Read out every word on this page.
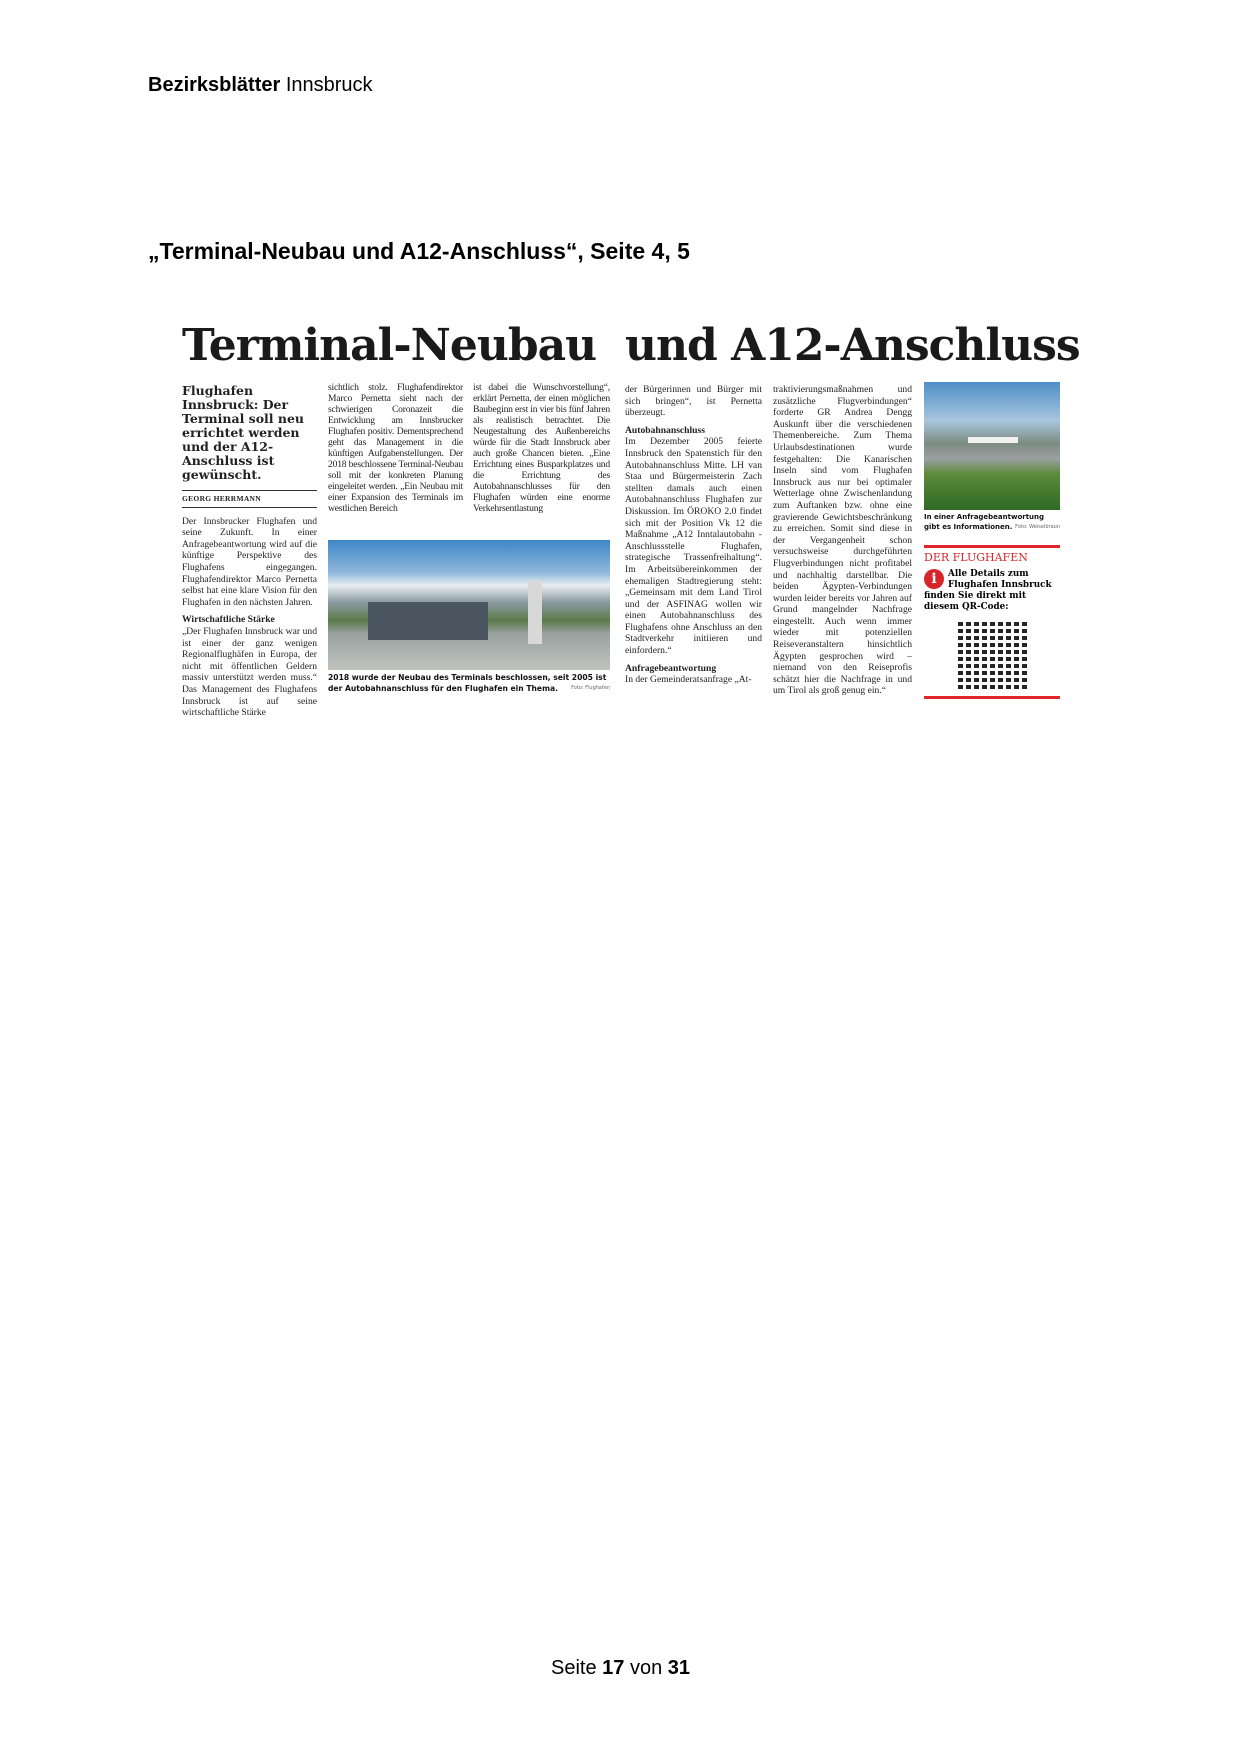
Bezirksblätter Innsbruck
„Terminal-Neubau und A12-Anschluss“, Seite 4, 5
Terminal-Neubau und A12-Anschluss
Flughafen Innsbruck: Der Terminal soll neu errichtet werden und der A12-Anschluss ist gewünscht.
GEORG HERRMANN

Der Innsbrucker Flughafen und seine Zukunft. In einer Anfragebeantwortung wird auf die künftige Perspektive des Flughafens eingegangen. Flughafendirektor Marco Pernetta selbst hat eine klare Vision für den Flughafen in den nächsten Jahren.

Wirtschaftliche Stärke

„Der Flughafen Innsbruck war und ist einer der ganz wenigen Regionalflughäfen in Europa, der nicht mit öffentlichen Geldern massiv unterstützt werden muss.“ Das Management des Flughafens Innsbruck ist auf seine wirtschaftliche Stärke

sichtlich stolz. Flughafendirektor Marco Pernetta sieht nach der schwierigen Coronazeit die Entwicklung am Innsbrucker Flughafen positiv. Dementsprechend geht das Management in die künftigen Aufgabenstellungen. Der 2018 beschlossene Terminal-Neubau soll mit der konkreten Planung eingeleitet werden. „Ein Neubau mit einer Expansion des Terminals im westlichen Bereich

ist dabei die Wunschvorstellung“, erklärt Pernetta, der einen möglichen Baubeginn erst in vier bis fünf Jahren als realistisch betrachtet. Die Neugestaltung des Außenbereichs würde für die Stadt Innsbruck aber auch große Chancen bieten. „Eine Errichtung eines Busparkplatzes und die Errichtung des Autobahnanschlusses für den Flughafen würden eine enorme Verkehrsentlastung

2018 wurde der Neubau des Terminals beschlossen, seit 2005 ist der Autobahnanschluss für den Flughafen ein Thema.	Foto: Flughafen

der Bürgerinnen und Bürger mit sich bringen“, ist Pernetta überzeugt.

Autobahnanschluss

Im Dezember 2005 feierte Innsbruck den Spatenstich für den Autobahnanschluss Mitte. LH van Staa und Bürgermeisterin Zach stellten damals auch einen Autobahnanschluss Flughafen zur Diskussion. Im ÖROKO 2.0 findet sich mit der Position Vk 12 die Maßnahme „A12 Inntalautobahn - Anschlussstelle Flughafen, strategische Trassenfreihaltung“. Im Arbeitsübereinkommen der ehemaligen Stadtregierung steht: „Gemeinsam mit dem Land Tirol und der ASFINAG wollen wir einen Autobahnanschluss des Flughafens ohne Anschluss an den Stadtverkehr initiieren und einfordern.“

Anfragebeantwortung

In der Gemeinderatsanfrage „At-

traktivierungsmaßnahmen und zusätzliche Flugverbindungen“ forderte GR Andrea Dengg Auskunft über die verschiedenen Themenbereiche. Zum Thema Urlaubsdestinationen wurde festgehalten: Die Kanarischen Inseln sind vom Flughafen Innsbruck aus nur bei optimaler Wetterlage ohne Zwischenlandung zum Auftanken bzw. ohne eine gravierende Gewichtsbeschränkung zu erreichen. Somit sind diese in der Vergangenheit schon versuchsweise durchgeführten Flugverbindungen nicht profitabel und nachhaltig darstellbar. Die beiden Ägypten-Verbindungen wurden leider bereits vor Jahren auf Grund mangelnder Nachfrage eingestellt. Auch wenn immer wieder mit potenziellen Reiseveranstaltern hinsichtlich Ägypten gesprochen wird – niemand von den Reiseprofis schätzt hier die Nachfrage in und um Tirol als groß genug ein.“

In einer Anfragebeantwortung gibt es Informationen. Foto: Weiselbraun
DER FLUGHAFEN
i	Alle Details zum Flughafen Innsbruck finden Sie direkt mit diesem QR-Code:
Seite 17 von 31
